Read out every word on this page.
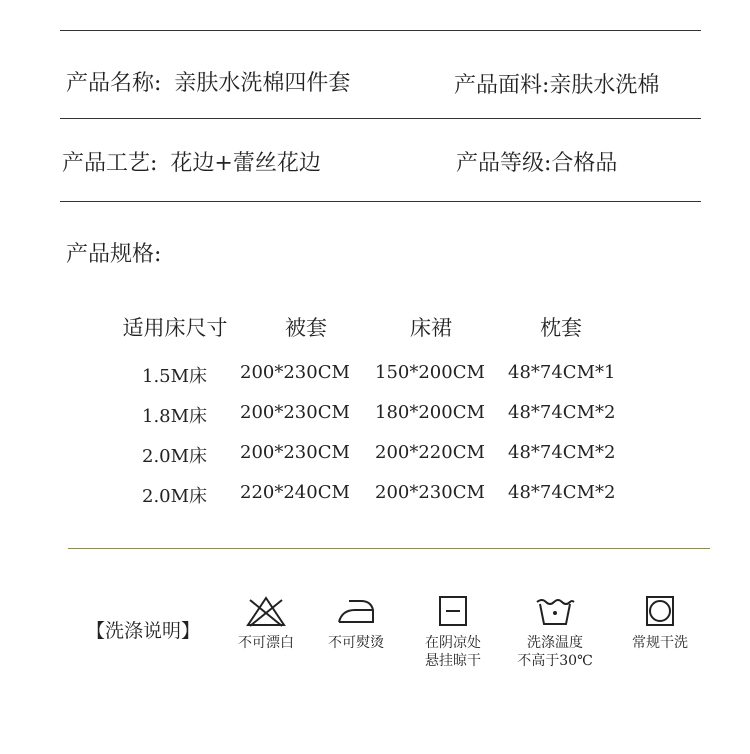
产品名称: 亲肤水洗棉四件套	产品面料:亲肤水洗棉
产品工艺: 花边+蕾丝花边	产品等级:合格品
产品规格:
适用床尺寸	被套	床裙	枕套
1.5M床 200*230CM 150*200CM 48*74CM*1
1.8M床 200*230CM 180*200CM 48*74CM*2
2.0M床 200*230CM 200*220CM 48*74CM*2
2.0M床 220*240CM 200*230CM 48*74CM*2
【洗涤说明】
不可漂白	不可熨烫	在阴凉处
悬挂晾干
洗涤温度
不高于30℃
常规干洗
